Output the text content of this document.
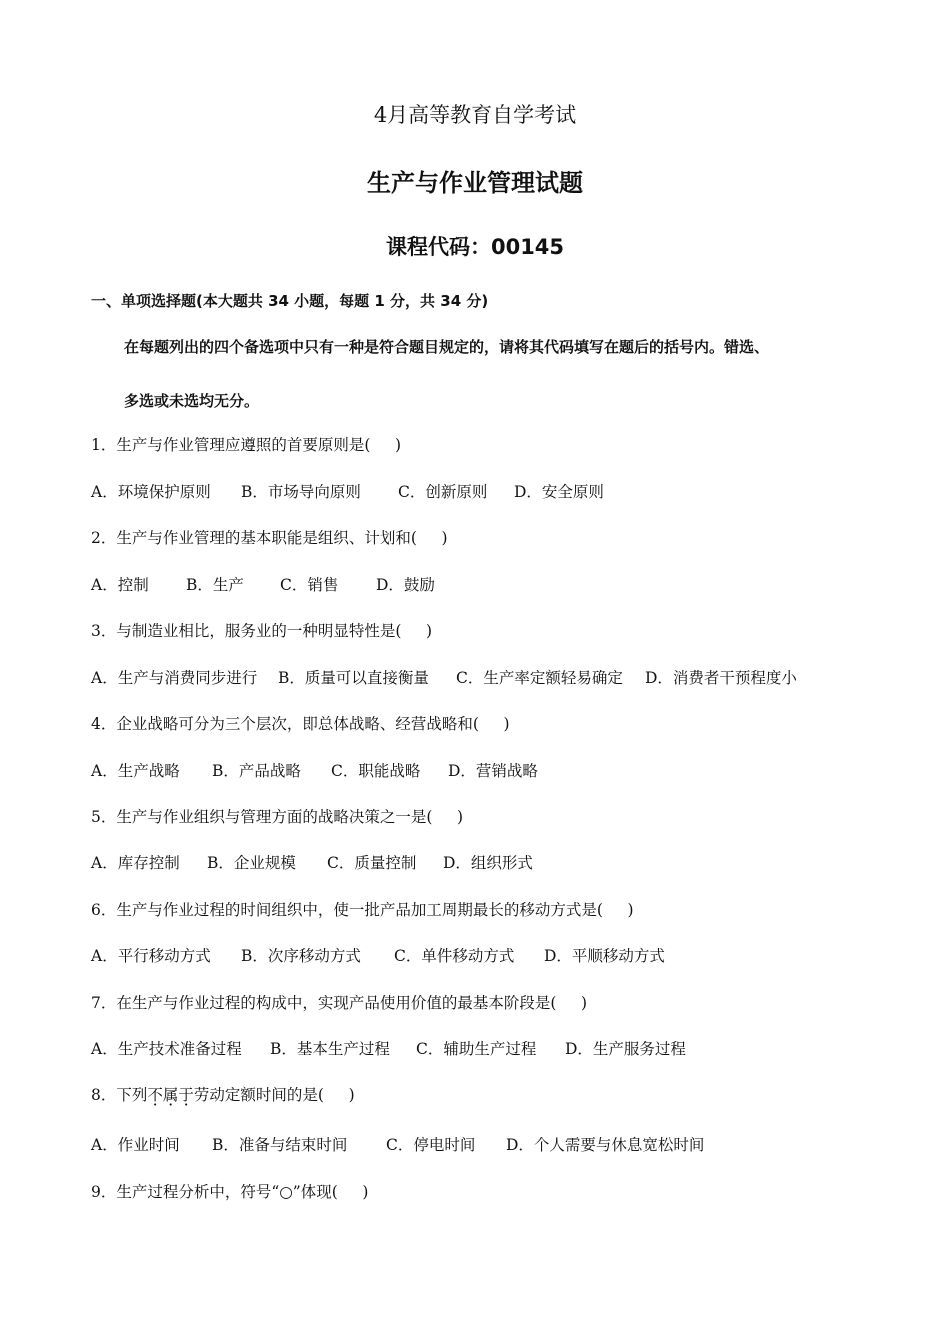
4月高等教育自学考试
生产与作业管理试题
课程代码：00145
一、单项选择题(本大题共 34 小题，每题 1 分，共 34 分)
在每题列出的四个备选项中只有一种是符合题目规定的，请将其代码填写在题后的括号内。错选、
多选或未选均无分。
1．生产与作业管理应遵照的首要原则是(     )
A．环境保护原则 B．市场导向原则 C．创新原则 D．安全原则
2．生产与作业管理的基本职能是组织、计划和(     )
A．控制 B．生产 C．销售 D．鼓励
3．与制造业相比，服务业的一种明显特性是(     )
A．生产与消费同步进行 B．质量可以直接衡量 C．生产率定额轻易确定 D．消费者干预程度小
4．企业战略可分为三个层次，即总体战略、经营战略和(     )
A．生产战略 B．产品战略 C．职能战略 D．营销战略
5．生产与作业组织与管理方面的战略决策之一是(     )
A．库存控制 B．企业规模 C．质量控制 D．组织形式
6．生产与作业过程的时间组织中，使一批产品加工周期最长的移动方式是(     )
A．平行移动方式 B．次序移动方式 C．单件移动方式 D．平顺移动方式
7．在生产与作业过程的构成中，实现产品使用价值的最基本阶段是(     )
A．生产技术准备过程 B．基本生产过程 C．辅助生产过程 D．生产服务过程
8．下列不属于劳动定额时间的是(     )
A．作业时间 B．准备与结束时间 C．停电时间 D．个人需要与休息宽松时间
9．生产过程分析中，符号“○”体现(     )
